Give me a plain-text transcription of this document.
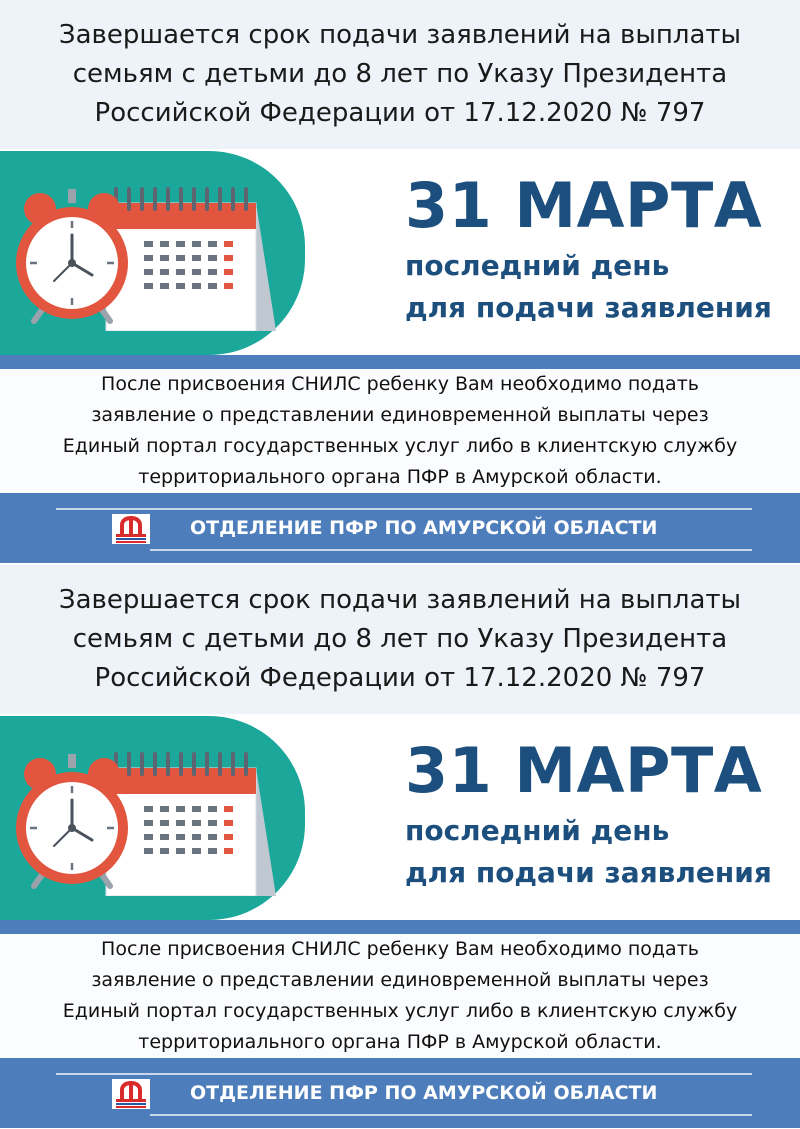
Завершается срок подачи заявлений на выплаты
семьям с детьми до 8 лет по Указу Президента
Российской Федерации от 17.12.2020 № 797
31 МАРТА
последний день
для подачи заявления
После присвоения СНИЛС ребенку Вам необходимо подать
заявление о представлении единовременной выплаты через
Единый портал государственных услуг либо в клиентскую службу
территориального органа ПФР в Амурской области.
ОТДЕЛЕНИЕ ПФР ПО АМУРСКОЙ ОБЛАСТИ
Завершается срок подачи заявлений на выплаты
семьям с детьми до 8 лет по Указу Президента
Российской Федерации от 17.12.2020 № 797
31 МАРТА
последний день
для подачи заявления
После присвоения СНИЛС ребенку Вам необходимо подать
заявление о представлении единовременной выплаты через
Единый портал государственных услуг либо в клиентскую службу
территориального органа ПФР в Амурской области.
ОТДЕЛЕНИЕ ПФР ПО АМУРСКОЙ ОБЛАСТИ
